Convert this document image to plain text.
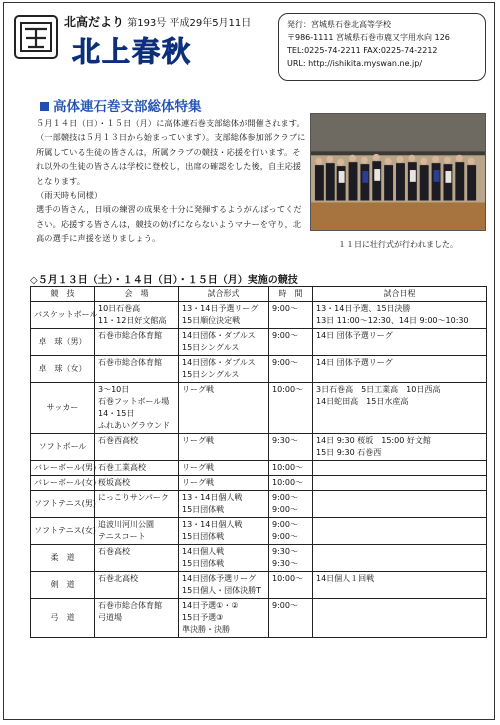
北高だより 第193号 平成29年5月11日
北上春秋
発行：宮城県石巻北高等学校
〒986-1111 宮城県石巻市鹿又字用水向 126
TEL:0225-74-2211 FAX:0225-74-2212
URL: http://ishikita.myswan.ne.jp/
高体連石巻支部総体特集

５月１４日（日）・１５日（月）に高体連石巻支部総体が開催されます。（一部競技は５月１３日から始まっています）。支部総体参加部クラブに所属している生徒の皆さんは，所属クラブの競技・応援を行います。それ以外の生徒の皆さんは学校に登校し，出席の確認をした後，自主応援となります。

（雨天時も同様）

選手の皆さん，日頃の練習の成果を十分に発揮するようがんばってください。応援する皆さんは，競技の妨げにならないようマナーを守り，北高の選手に声援を送りましょう。

１１日に壮行式が行われました。
◇５月１３日（土）・１４日（日）・１５日（月）実施の競技
競　技	会　場	試合形式	時　間	試合日程

バスケットボール	10日石巻高
11・12日好文館高	13・14日予選リーグ
15日順位決定戦	9:00～	13・14日予選、15日決勝
13日 11:00～12:30、14日 9:00～10:30

卓　球（男）	石巻市総合体育館	14日団体・ダブルス
15日シングルス	9:00～	14日 団体予選リーグ

卓　球（女）	石巻市総合体育館	14日団体・ダブルス
15日シングルス	9:00～	14日 団体予選リーグ

サッカー	3～10日
石巻フットボール場
14・15日
ふれあいグラウンド	リーグ戦	10:00～	3日石巻高　5日工業高　10日西高
14日蛇田高　15日水産高

ソフトボール	石巻西高校	リーグ戦	9:30～	14日 9:30 桜坂　15:00 好文館
15日 9:30 石巻西

バレーボール(男)	石巻工業高校	リーグ戦	10:00～	

バレーボール(女)	桜坂高校	リーグ戦	10:00～	

ソフトテニス(男)	にっこりサンパーク	13・14日個人戦
15日団体戦	9:00～
9:00～	

ソフトテニス(女)	追波川河川公園
テニスコート	13・14日個人戦
15日団体戦	9:00～
9:00～	

柔　道	石巻高校	14日個人戦
15日団体戦	9:30～
9:30～	

剣　道	石巻北高校	14日団体予選リーグ
15日個人・団体決勝T	10:00～	14日個人１回戦

弓　道	石巻市総合体育館
弓道場	14日予選①・②
15日予選③
準決勝・決勝	9:00～	
